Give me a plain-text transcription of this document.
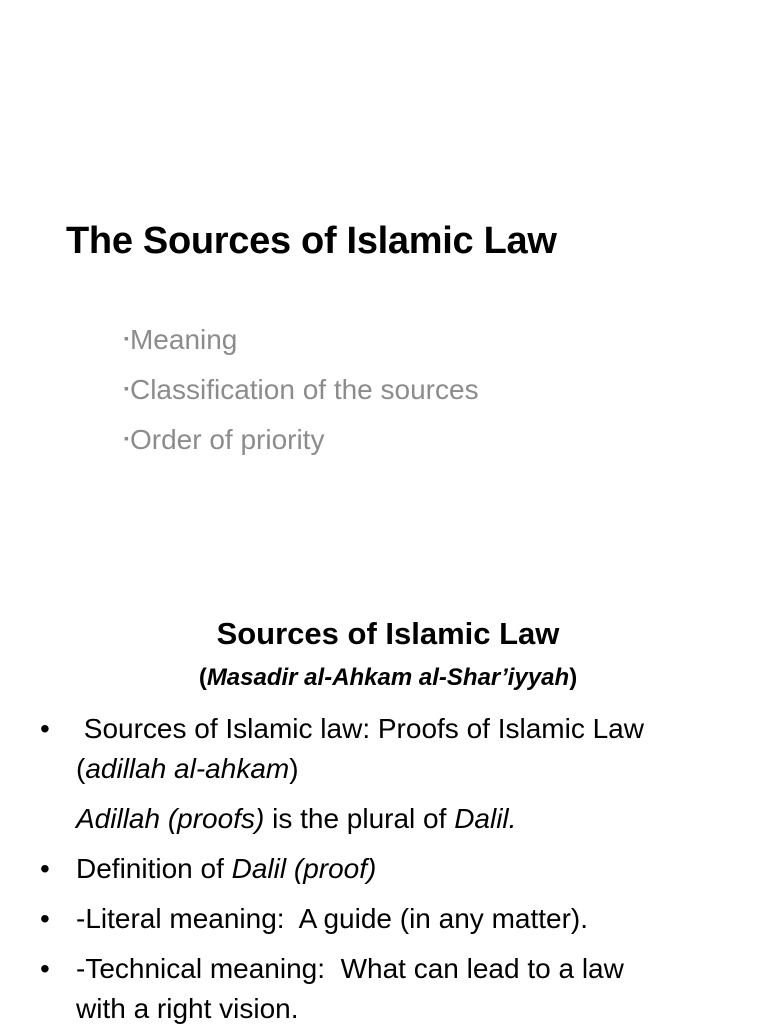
The Sources of Islamic Law
▪Meaning
▪Classification of the sources
▪Order of priority
Sources of Islamic Law
(Masadir al-Ahkam al-Shar’iyyah)
• Sources of Islamic law: Proofs of Islamic Law
(adillah al-ahkam)
Adillah (proofs) is the plural of Dalil.
• Definition of Dalil (proof)
• -Literal meaning:  A guide (in any matter).
• -Technical meaning:  What can lead to a law
with a right vision.
